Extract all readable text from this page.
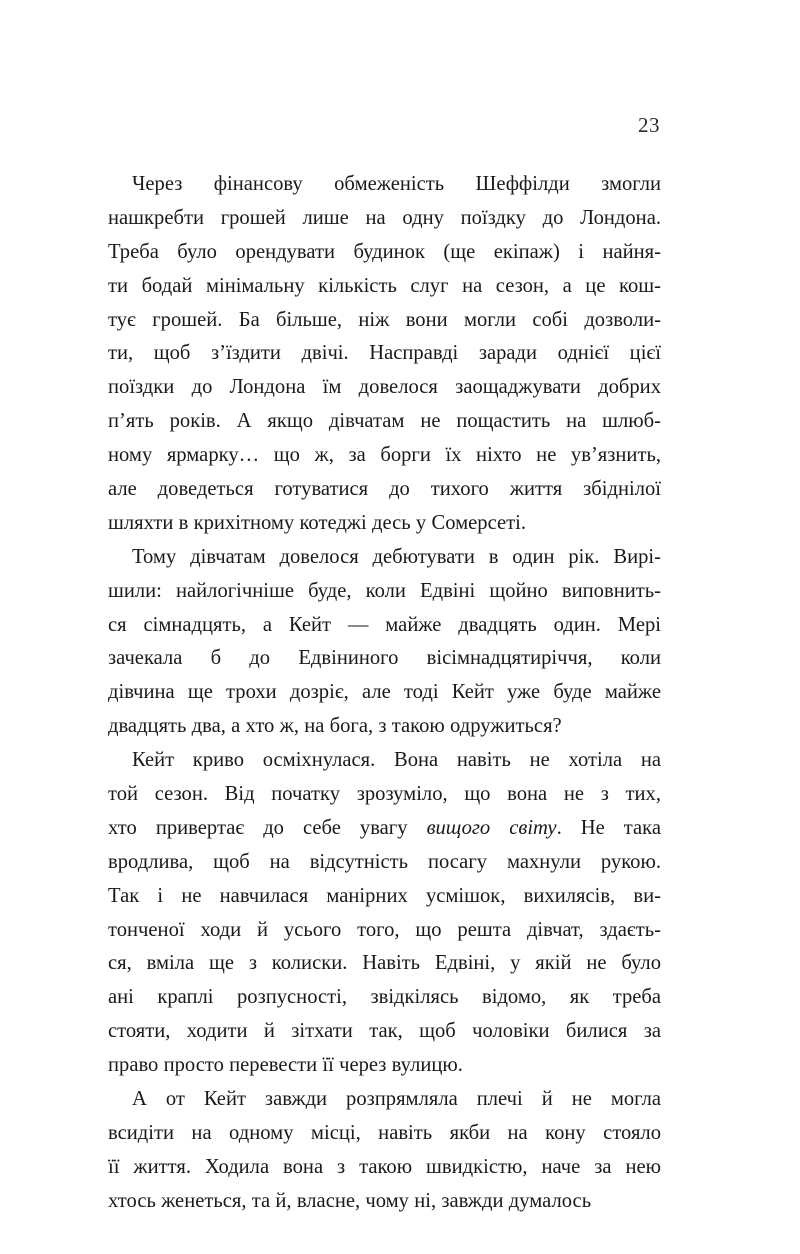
23

Через фінансову обмеженість Шеффілди змогли
нашкребти грошей лише на одну поїздку до Лондона.
Треба було орендувати будинок (ще екіпаж) і найня-
ти бодай мінімальну кількість слуг на сезон, а це кош-
тує грошей. Ба більше, ніж вони могли собі дозволи-
ти, щоб з’їздити двічі. Насправді заради однієї цієї
поїздки до Лондона їм довелося заощаджувати добрих
п’ять років. А якщо дівчатам не пощастить на шлюб-
ному ярмарку… що ж, за борги їх ніхто не ув’язнить,
але доведеться готуватися до тихого життя збіднілої
шляхти в крихітному котеджі десь у Сомерсеті.

Тому дівчатам довелося дебютувати в один рік. Вирі-
шили: найлогічніше буде, коли Едвіні щойно виповнить-
ся сімнадцять, а Кейт — майже двадцять один. Мері
зачекала б до Едвіниного вісімнадцятиріччя, коли
дівчина ще трохи дозріє, але тоді Кейт уже буде майже
двадцять два, а хто ж, на бога, з такою одружиться?

Кейт криво осміхнулася. Вона навіть не хотіла на
той сезон. Від початку зрозуміло, що вона не з тих,
хто привертає до себе увагу вищого світу. Не така
вродлива, щоб на відсутність посагу махнули рукою.
Так і не навчилася манірних усмішок, вихилясів, ви-
тонченої ходи й усього того, що решта дівчат, здаєть-
ся, вміла ще з колиски. Навіть Едвіні, у якій не було
ані краплі розпусності, звідкілясь відомо, як треба
стояти, ходити й зітхати так, щоб чоловіки билися за
право просто перевести її через вулицю.

А от Кейт завжди розпрямляла плечі й не могла
всидіти на одному місці, навіть якби на кону стояло
її життя. Ходила вона з такою швидкістю, наче за нею
хтось женеться, та й, власне, чому ні, завжди думалось
